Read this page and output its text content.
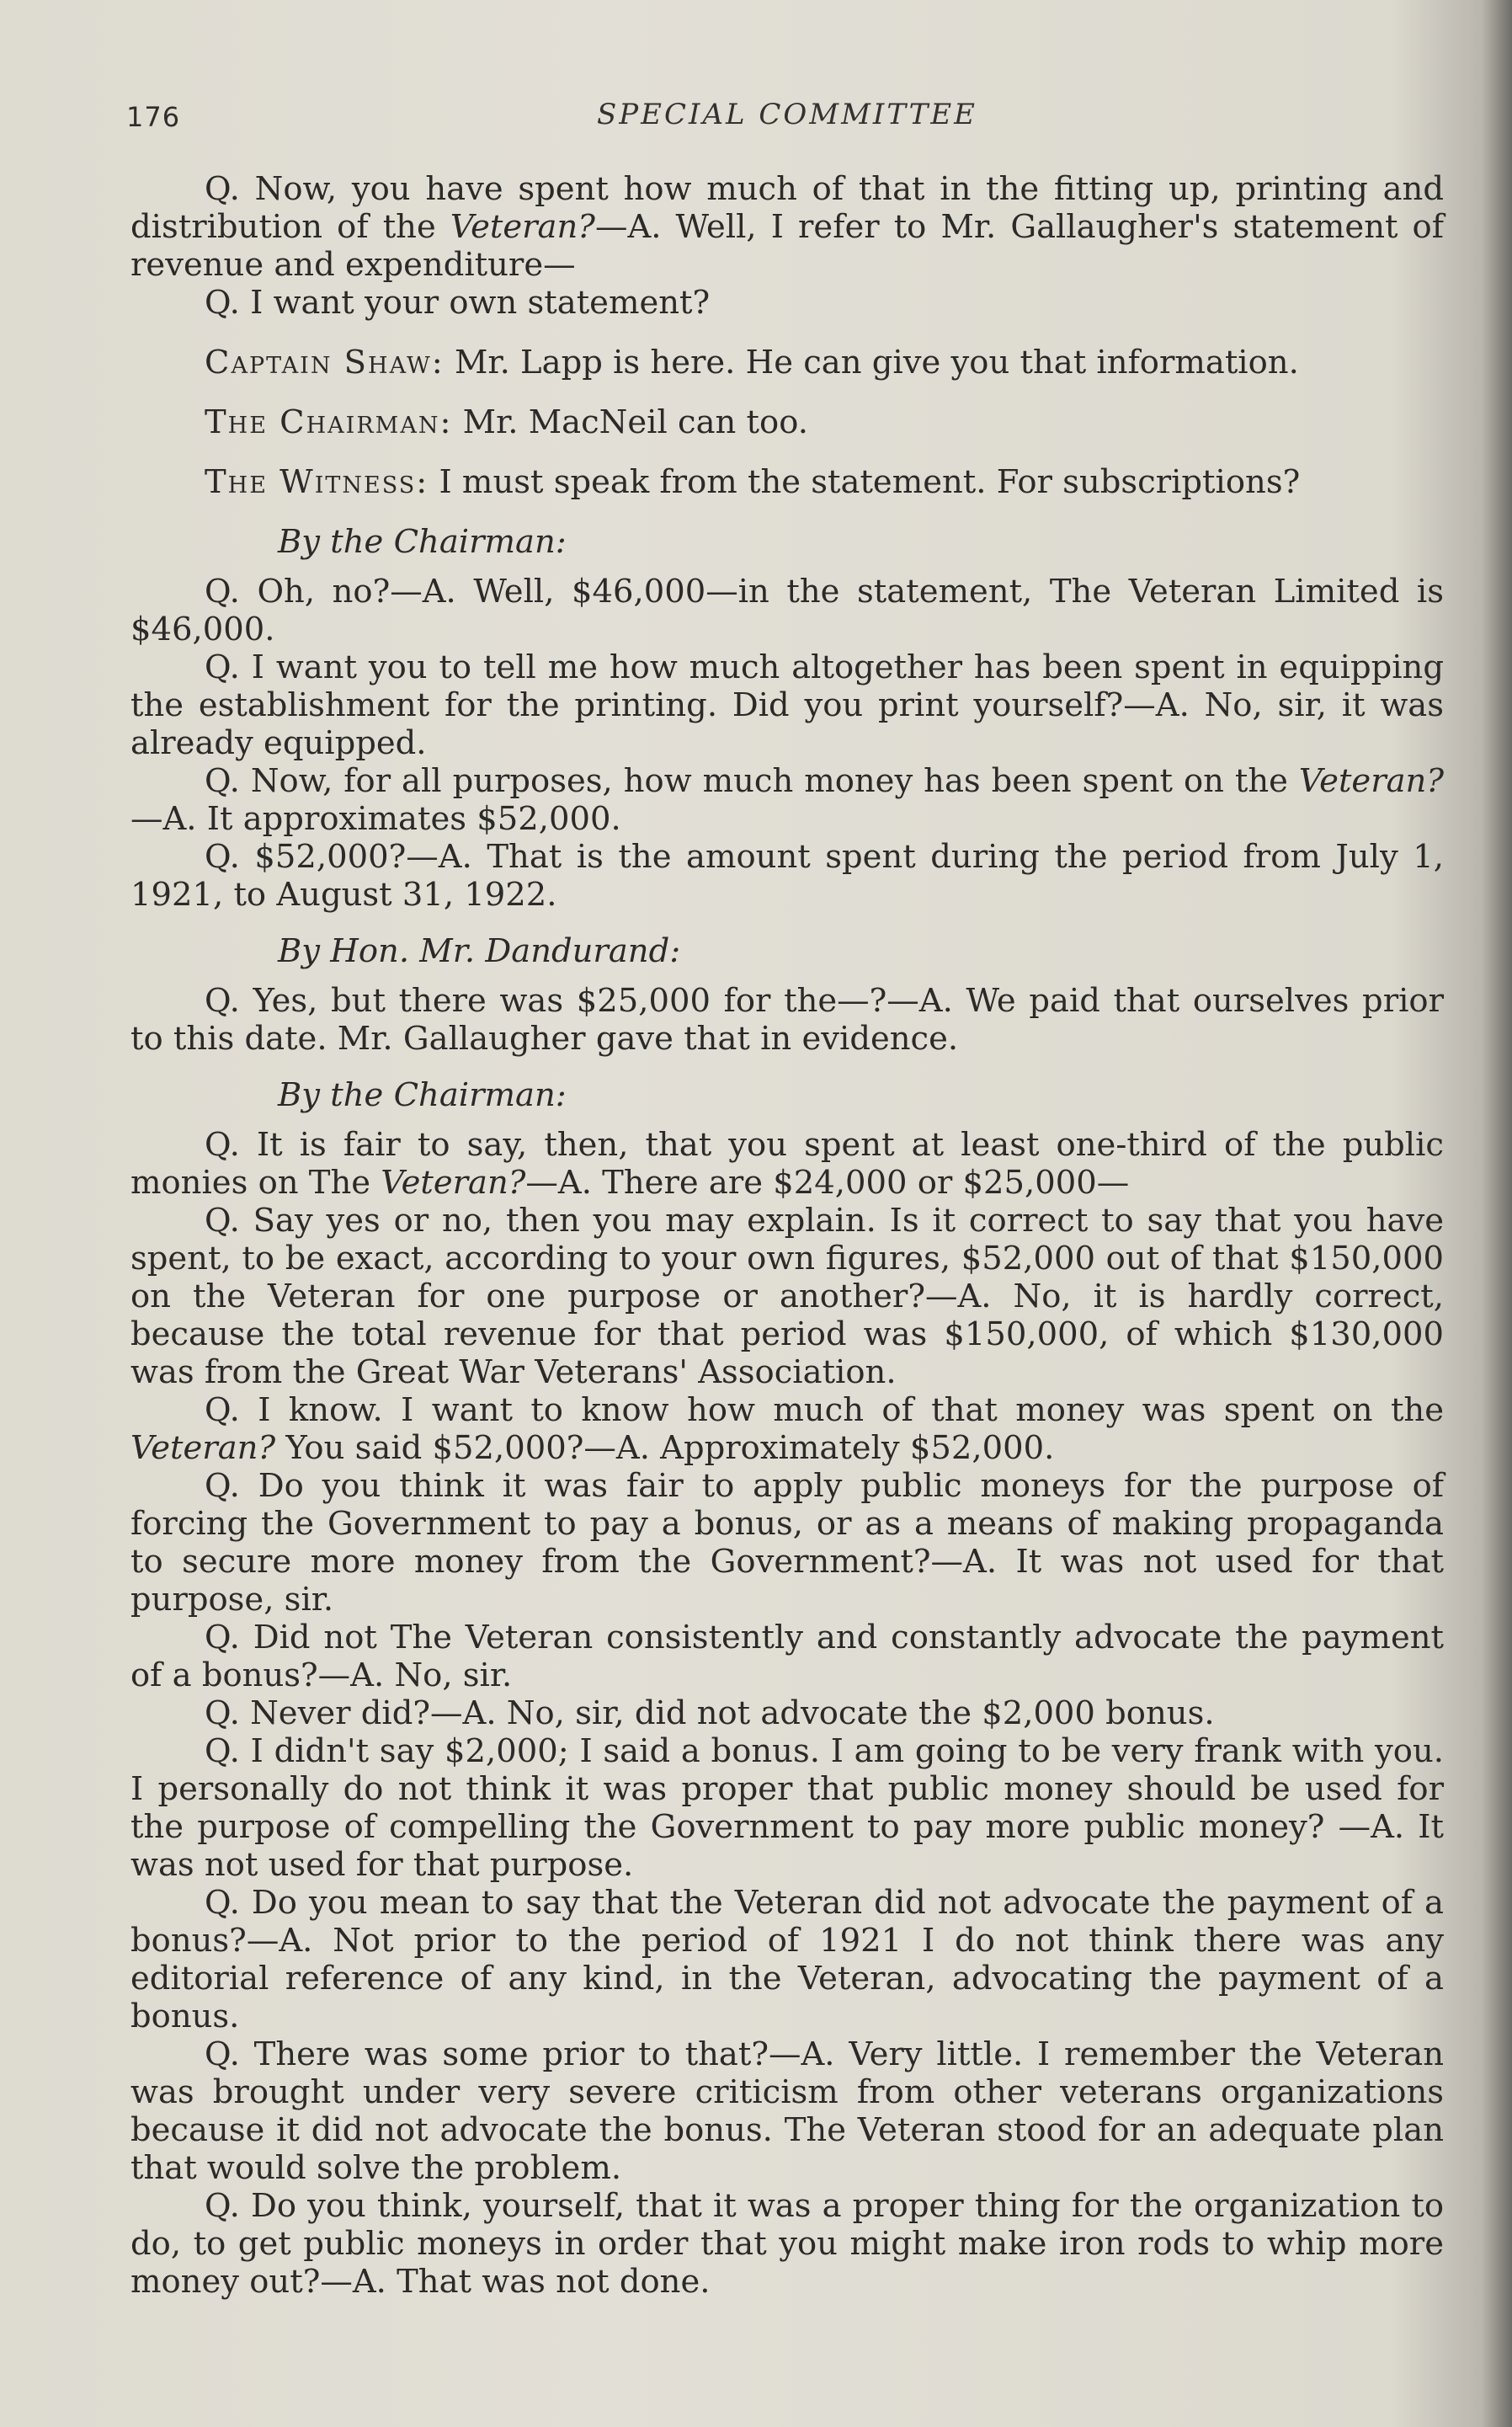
176	SPECIAL COMMITTEE

Q. Now, you have spent how much of that in the fitting up, printing and distribution of the Veteran?—A. Well, I refer to Mr. Gallaugher's statement of revenue and expenditure—

Q. I want your own statement?

Captain Shaw: Mr. Lapp is here. He can give you that information.

The Chairman: Mr. MacNeil can too.

The Witness: I must speak from the statement. For subscriptions?

By the Chairman:

Q. Oh, no?—A. Well, $46,000—in the statement, The Veteran Limited is $46,000.

Q. I want you to tell me how much altogether has been spent in equipping the establishment for the printing. Did you print yourself?—A. No, sir, it was already equipped.

Q. Now, for all purposes, how much money has been spent on the Veteran? —A. It approximates $52,000.

Q. $52,000?—A. That is the amount spent during the period from July 1, 1921, to August 31, 1922.

By Hon. Mr. Dandurand:

Q. Yes, but there was $25,000 for the—?—A. We paid that ourselves prior to this date. Mr. Gallaugher gave that in evidence.

By the Chairman:

Q. It is fair to say, then, that you spent at least one-third of the public monies on The Veteran?—A. There are $24,000 or $25,000—

Q. Say yes or no, then you may explain. Is it correct to say that you have spent, to be exact, according to your own figures, $52,000 out of that $150,000 on the Veteran for one purpose or another?—A. No, it is hardly correct, because the total revenue for that period was $150,000, of which $130,000 was from the Great War Veterans' Association.

Q. I know. I want to know how much of that money was spent on the Veteran? You said $52,000?—A. Approximately $52,000.

Q. Do you think it was fair to apply public moneys for the purpose of forcing the Government to pay a bonus, or as a means of making propaganda to secure more money from the Government?—A. It was not used for that purpose, sir.

Q. Did not The Veteran consistently and constantly advocate the payment of a bonus?—A. No, sir.

Q. Never did?—A. No, sir, did not advocate the $2,000 bonus.

Q. I didn't say $2,000; I said a bonus. I am going to be very frank with you. I personally do not think it was proper that public money should be used for the purpose of compelling the Government to pay more public money? —A. It was not used for that purpose.

Q. Do you mean to say that the Veteran did not advocate the payment of a bonus?—A. Not prior to the period of 1921 I do not think there was any editorial reference of any kind, in the Veteran, advocating the payment of a bonus.

Q. There was some prior to that?—A. Very little. I remember the Veteran was brought under very severe criticism from other veterans organizations because it did not advocate the bonus. The Veteran stood for an adequate plan that would solve the problem.

Q. Do you think, yourself, that it was a proper thing for the organization to do, to get public moneys in order that you might make iron rods to whip more money out?—A. That was not done.
